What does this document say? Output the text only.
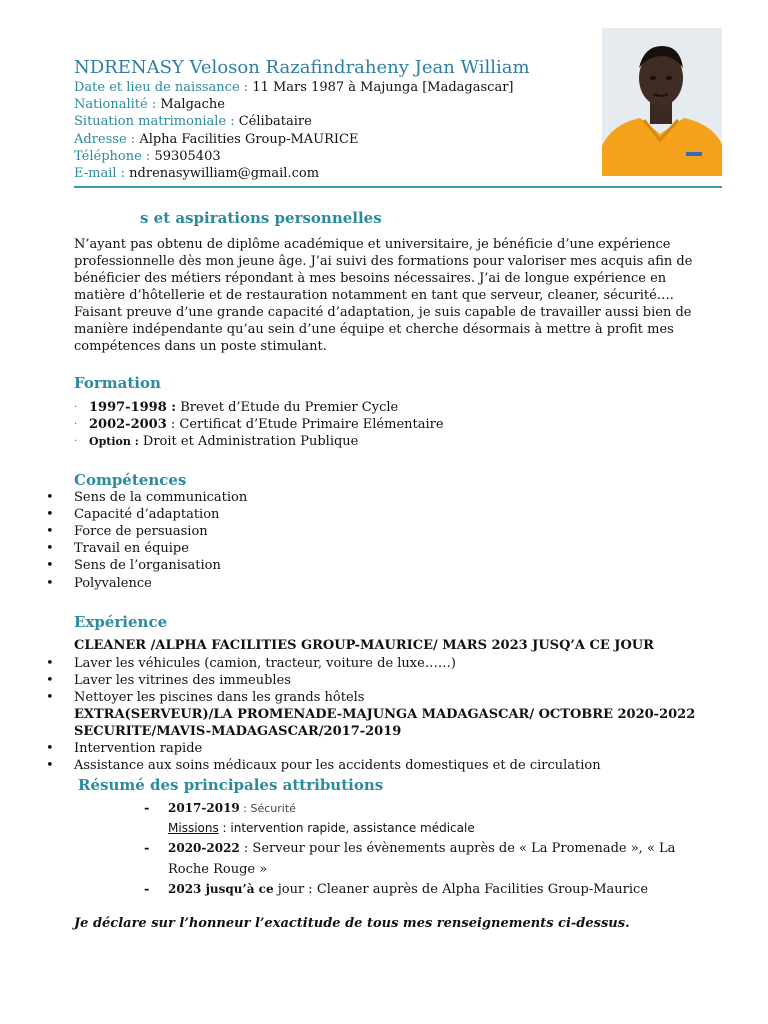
NDRENASY Veloson Razafindraheny Jean William
Date et lieu de naissance : 11 Mars 1987 à Majunga [Madagascar]
Nationalité : Malgache
Situation matrimoniale : Célibataire
Adresse : Alpha Facilities Group-MAURICE
Téléphone : 59305403
E-mail : ndrenasywilliam@gmail.com
s et aspirations personnelles
N’ayant pas obtenu de diplôme académique et universitaire, je bénéficie d’une expérience professionnelle dès mon jeune âge. J’ai suivi des formations pour valoriser mes acquis afin de bénéficier des métiers répondant à mes besoins nécessaires. J’ai de longue expérience en matière d’hôtellerie et de restauration notamment en tant que serveur, cleaner, sécurité…. Faisant preuve d’une grande capacité d’adaptation, je suis capable de travailler aussi bien de manière indépendante qu’au sein d’une équipe et cherche désormais à mettre à profit mes compétences dans un poste stimulant.
Formation
· 1997-1998 : Brevet d’Etude du Premier Cycle
· 2002-2003 : Certificat d’Etude Primaire Elémentaire
· Option : Droit et Administration Publique
Compétences
• Sens de la communication
• Capacité d’adaptation
• Force de persuasion
• Travail en équipe
• Sens de l’organisation
• Polyvalence
Expérience
CLEANER /ALPHA FACILITIES GROUP-MAURICE/ MARS 2023 JUSQ’A CE JOUR
• Laver les véhicules (camion, tracteur, voiture de luxe……)
• Laver les vitrines des immeubles
• Nettoyer les piscines dans les grands hôtels
EXTRA(SERVEUR)/LA PROMENADE-MAJUNGA MADAGASCAR/ OCTOBRE 2020-2022
SECURITE/MAVIS-MADAGASCAR/2017-2019
• Intervention rapide
• Assistance aux soins médicaux pour les accidents domestiques et de circulation
Résumé des principales attributions
- 2017-2019 : Sécurité
Missions : intervention rapide, assistance médicale
- 2020-2022 : Serveur pour les évènements auprès de « La Promenade », « La
Roche Rouge »
- 2023 jusqu’à ce jour : Cleaner auprès de Alpha Facilities Group-Maurice
Je déclare sur l’honneur l’exactitude de tous mes renseignements ci-dessus.
